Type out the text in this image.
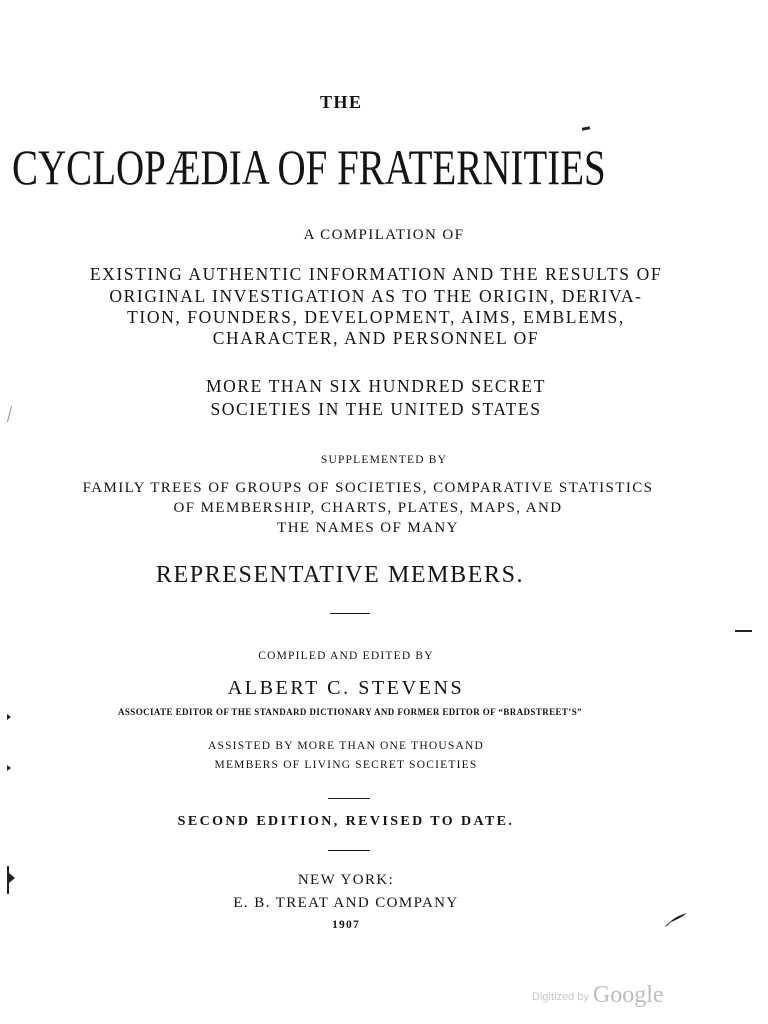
THE
CYCLOPÆDIA OF FRATERNITIES
A COMPILATION OF
EXISTING AUTHENTIC INFORMATION AND THE RESULTS OF
ORIGINAL INVESTIGATION AS TO THE ORIGIN, DERIVA-
TION, FOUNDERS, DEVELOPMENT, AIMS, EMBLEMS,
CHARACTER, AND PERSONNEL OF
MORE THAN SIX HUNDRED SECRET
SOCIETIES IN THE UNITED STATES
SUPPLEMENTED BY
FAMILY TREES OF GROUPS OF SOCIETIES, COMPARATIVE STATISTICS
OF MEMBERSHIP, CHARTS, PLATES, MAPS, AND
THE NAMES OF MANY
REPRESENTATIVE MEMBERS.
COMPILED AND EDITED BY
ALBERT C. STEVENS
ASSOCIATE EDITOR OF THE STANDARD DICTIONARY AND FORMER EDITOR OF “BRADSTREET’S”
ASSISTED BY MORE THAN ONE THOUSAND
MEMBERS OF LIVING SECRET SOCIETIES
SECOND EDITION, REVISED TO DATE.
NEW YORK:
E. B. TREAT AND COMPANY
1907
Digitized by Google
